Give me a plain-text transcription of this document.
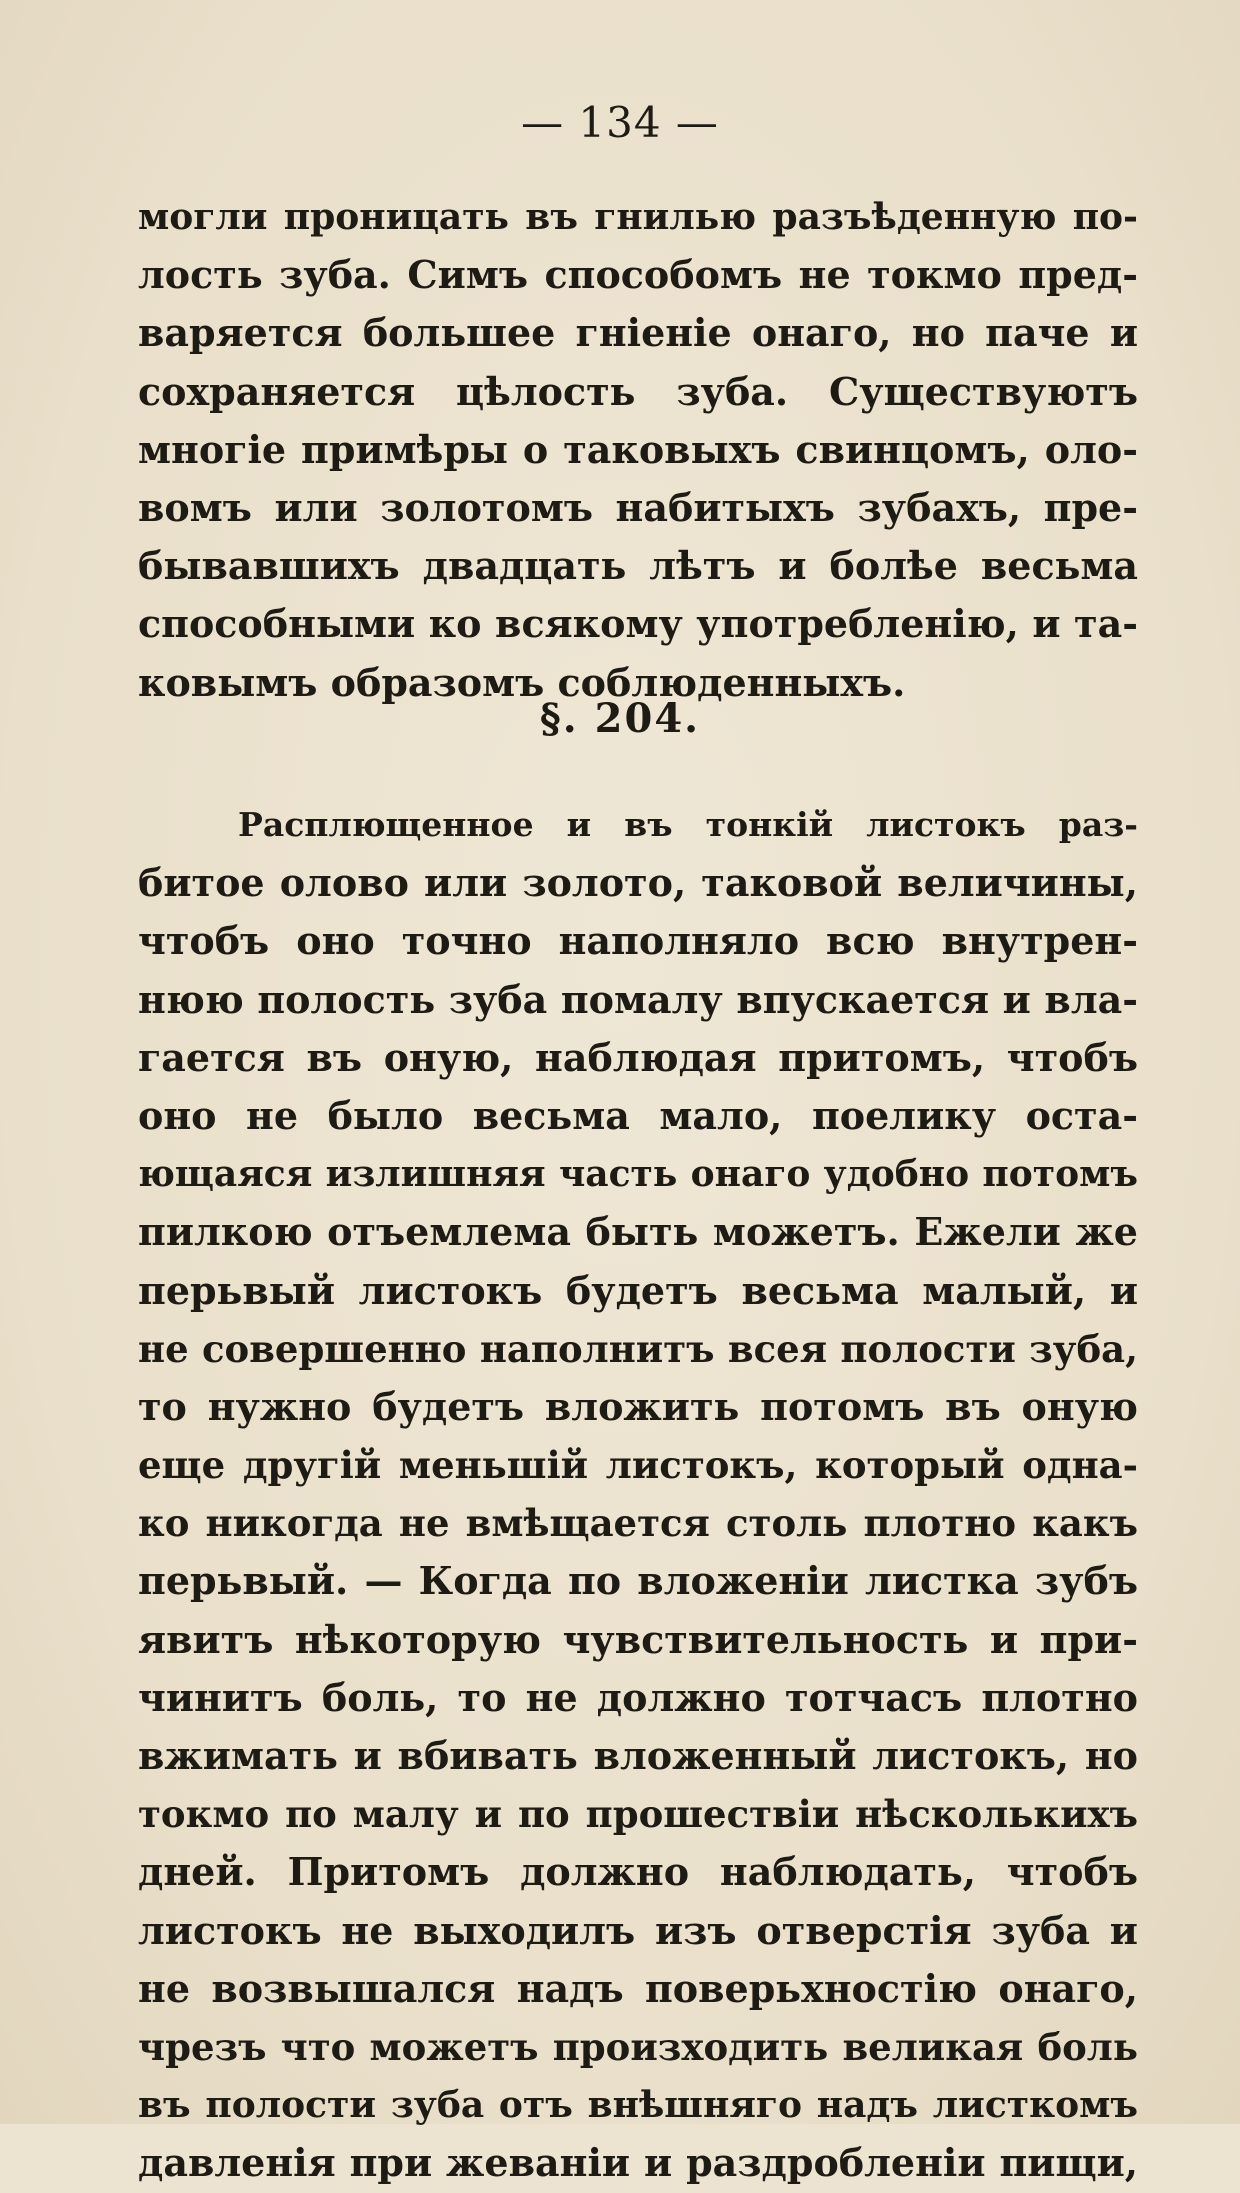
— 134 —
могли проницать въ гнилью разъѣденную по-
лость зуба. Симъ способомъ не токмо пред-
варяется большее гніеніе онаго, но паче и
сохраняется цѣлость зуба. Существуютъ
многіе примѣры о таковыхъ свинцомъ, оло-
вомъ или золотомъ набитыхъ зубахъ, пре-
бывавшихъ двадцать лѣтъ и болѣе весьма
способными ко всякому употребленію, и та-
ковымъ образомъ соблюденныхъ.
§. 204.
Расплющенное и въ тонкій листокъ раз-
битое олово или золото, таковой величины,
чтобъ оно точно наполняло всю внутрен-
нюю полость зуба помалу впускается и вла-
гается въ оную, наблюдая притомъ, чтобъ
оно не было весьма мало, поелику оста-
ющаяся излишняя часть онаго удобно потомъ
пилкою отъемлема быть можетъ. Ежели же
перьвый листокъ будетъ весьма малый, и
не совершенно наполнитъ всея полости зуба,
то нужно будетъ вложить потомъ въ оную
еще другій меньшій листокъ, который одна-
ко никогда не вмѣщается столь плотно какъ
перьвый. — Когда по вложеніи листка зубъ
явитъ нѣкоторую чувствительность и при-
чинитъ боль, то не должно тотчасъ плотно
вжимать и вбивать вложенный листокъ, но
токмо по малу и по прошествіи нѣсколькихъ
дней. Притомъ должно наблюдать, чтобъ
листокъ не выходилъ изъ отверстія зуба и
не возвышался надъ поверьхностію онаго,
чрезъ что можетъ произходить великая боль
въ полости зуба отъ внѣшняго надъ листкомъ
давленія при жеваніи и раздробленіи пищи,
